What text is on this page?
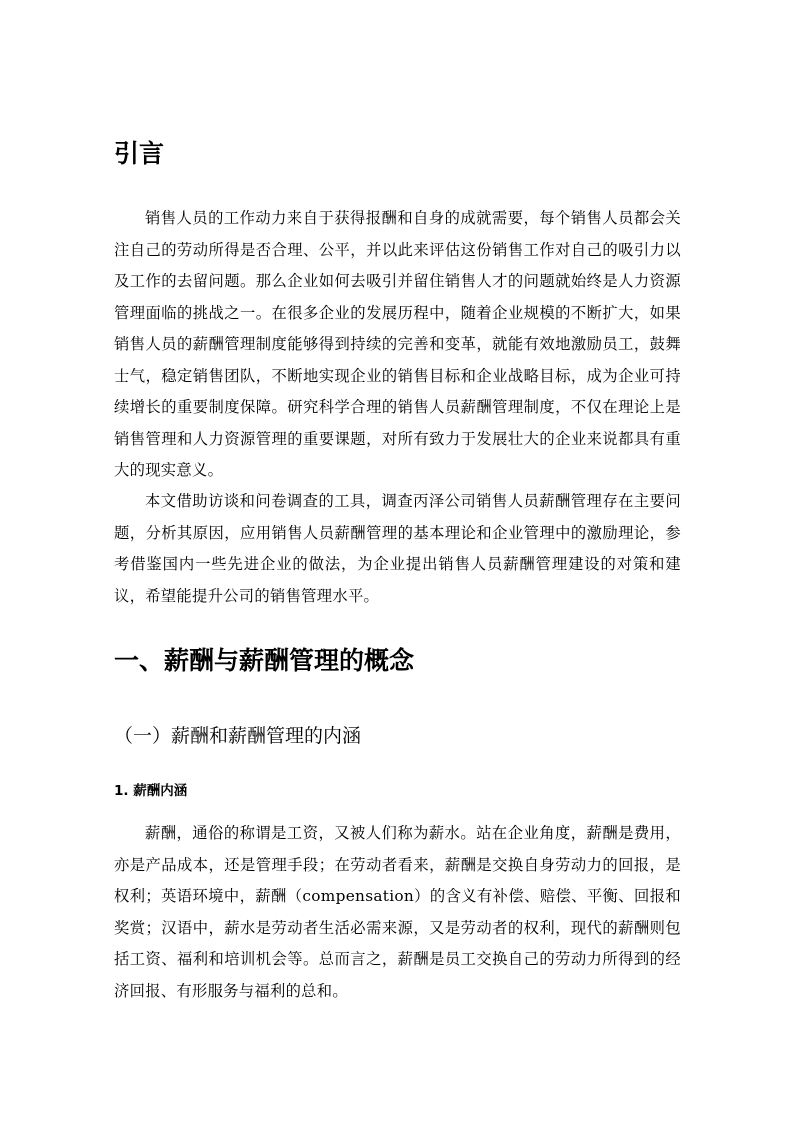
引言

销售人员的工作动力来自于获得报酬和自身的成就需要，每个销售人员都会关注自己的劳动所得是否合理、公平，并以此来评估这份销售工作对自己的吸引力以及工作的去留问题。那么企业如何去吸引并留住销售人才的问题就始终是人力资源管理面临的挑战之一。在很多企业的发展历程中，随着企业规模的不断扩大，如果销售人员的薪酬管理制度能够得到持续的完善和变革，就能有效地激励员工，鼓舞士气，稳定销售团队，不断地实现企业的销售目标和企业战略目标，成为企业可持续增长的重要制度保障。研究科学合理的销售人员薪酬管理制度，不仅在理论上是销售管理和人力资源管理的重要课题，对所有致力于发展壮大的企业来说都具有重大的现实意义。

本文借助访谈和问卷调查的工具，调查丙泽公司销售人员薪酬管理存在主要问题，分析其原因，应用销售人员薪酬管理的基本理论和企业管理中的激励理论，参考借鉴国内一些先进企业的做法，为企业提出销售人员薪酬管理建设的对策和建议，希望能提升公司的销售管理水平。

一、薪酬与薪酬管理的概念
（一）薪酬和薪酬管理的内涵
1. 薪酬内涵

薪酬，通俗的称谓是工资，又被人们称为薪水。站在企业角度，薪酬是费用，亦是产品成本，还是管理手段；在劳动者看来，薪酬是交换自身劳动力的回报，是权利；英语环境中，薪酬（compensation）的含义有补偿、赔偿、平衡、回报和奖赏；汉语中，薪水是劳动者生活必需来源，又是劳动者的权利，现代的薪酬则包括工资、福利和培训机会等。总而言之，薪酬是员工交换自己的劳动力所得到的经济回报、有形服务与福利的总和。
